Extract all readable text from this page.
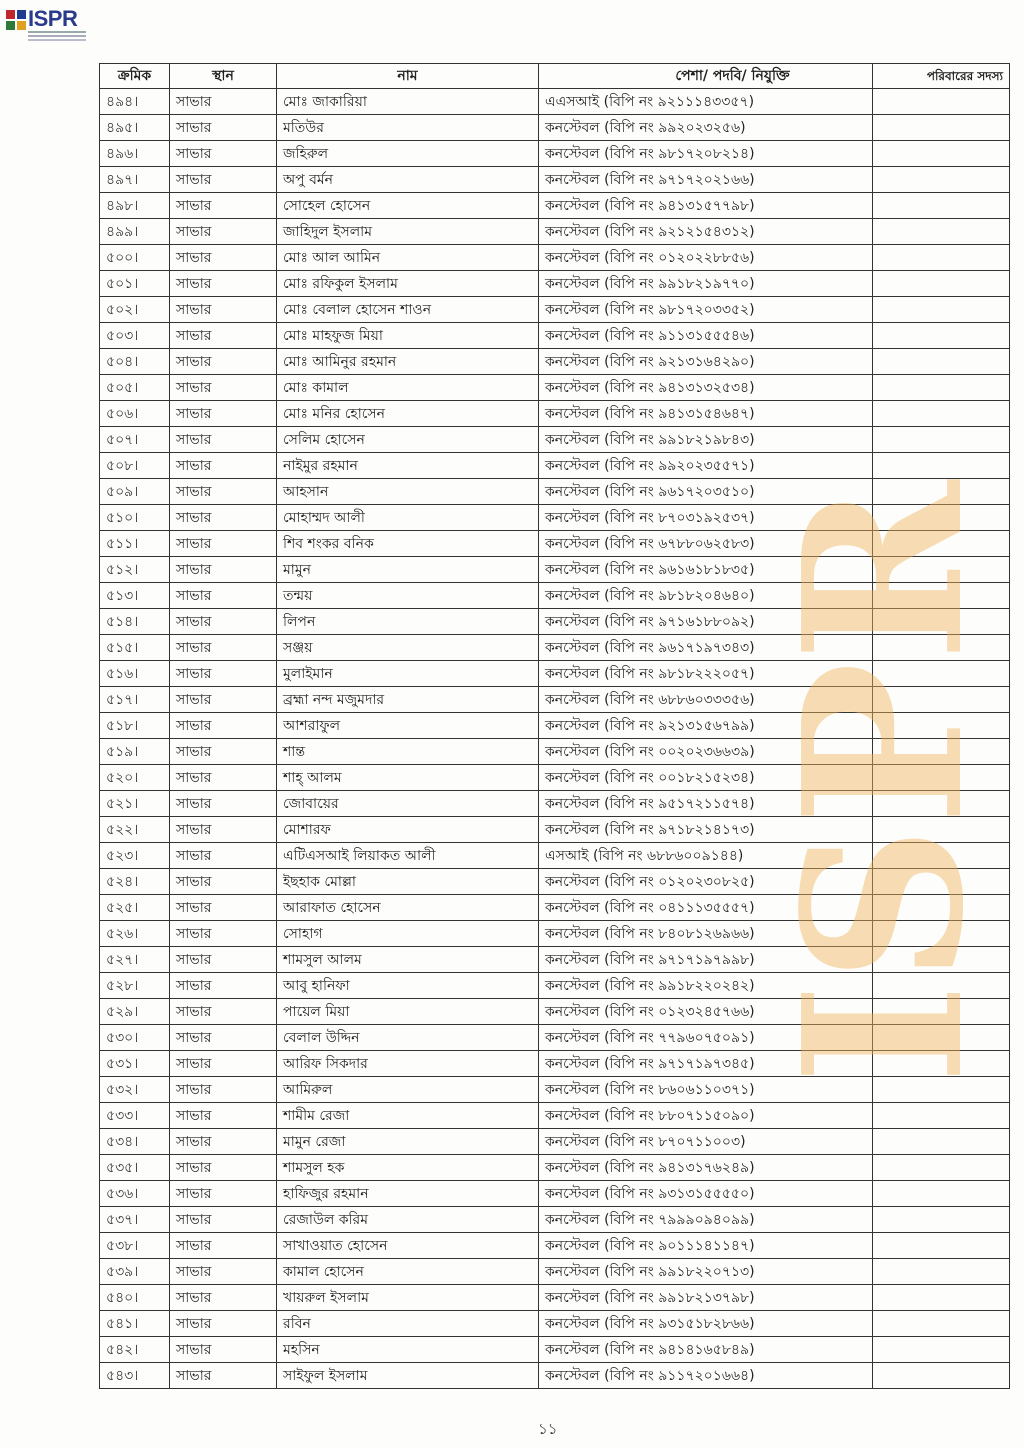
ISPR
ক্রমিক	স্থান	নাম	পেশা/ পদবি/ নিযুক্তি	পরিবারের সদস্য
৪৯৪।	সাভার	মোঃ জাকারিয়া	এএসআই (বিপি নং ৯২১১১৪৩৩৫৭)	
৪৯৫।	সাভার	মতিউর	কনস্টেবল (বিপি নং ৯৯২০২৩২৫৬)	
৪৯৬।	সাভার	জহিরুল	কনস্টেবল (বিপি নং ৯৮১৭২০৮২১৪)	
৪৯৭।	সাভার	অপু বর্মন	কনস্টেবল (বিপি নং ৯৭১৭২০২১৬৬)	
৪৯৮।	সাভার	সোহেল হোসেন	কনস্টেবল (বিপি নং ৯৪১৩১৫৭৭৯৮)	
৪৯৯।	সাভার	জাহিদুল ইসলাম	কনস্টেবল (বিপি নং ৯২১২১৫৪৩১২)	
৫০০।	সাভার	মোঃ আল আমিন	কনস্টেবল (বিপি নং ০১২০২২৮৮৫৬)	
৫০১।	সাভার	মোঃ রফিকুল ইসলাম	কনস্টেবল (বিপি নং ৯৯১৮২১৯৭৭০)	
৫০২।	সাভার	মোঃ বেলাল হোসেন শাওন	কনস্টেবল (বিপি নং ৯৮১৭২০৩৩৫২)	
৫০৩।	সাভার	মোঃ মাহফুজ মিয়া	কনস্টেবল (বিপি নং ৯১১৩১৫৫৫৪৬)	
৫০৪।	সাভার	মোঃ আমিনুর রহমান	কনস্টেবল (বিপি নং ৯২১৩১৬৪২৯০)	
৫০৫।	সাভার	মোঃ কামাল	কনস্টেবল (বিপি নং ৯৪১৩১৩২৫৩৪)	
৫০৬।	সাভার	মোঃ মনির হোসেন	কনস্টেবল (বিপি নং ৯৪১৩১৫৪৬৪৭)	
৫০৭।	সাভার	সেলিম হোসেন	কনস্টেবল (বিপি নং ৯৯১৮২১৯৮৪৩)	
৫০৮।	সাভার	নাইমুর রহমান	কনস্টেবল (বিপি নং ৯৯২০২৩৫৫৭১)	
৫০৯।	সাভার	আহসান	কনস্টেবল (বিপি নং ৯৬১৭২০৩৫১০)	
৫১০।	সাভার	মোহাম্মদ আলী	কনস্টেবল (বিপি নং ৮৭০৩১৯২৫৩৭)	
৫১১।	সাভার	শিব শংকর বনিক	কনস্টেবল (বিপি নং ৬৭৮৮০৬২৫৮৩)	
৫১২।	সাভার	মামুন	কনস্টেবল (বিপি নং ৯৬১৬১৮১৮৩৫)	
৫১৩।	সাভার	তন্ময়	কনস্টেবল (বিপি নং ৯৮১৮২০৪৬৪০)	
৫১৪।	সাভার	লিপন	কনস্টেবল (বিপি নং ৯৭১৬১৮৮০৯২)	
৫১৫।	সাভার	সঞ্জয়	কনস্টেবল (বিপি নং ৯৬১৭১৯৭৩৪৩)	
৫১৬।	সাভার	মুলাইমান	কনস্টেবল (বিপি নং ৯৮১৮২২২০৫৭)	
৫১৭।	সাভার	ব্রহ্মা নন্দ মজুমদার	কনস্টেবল (বিপি নং ৬৮৮৬০৩৩৩৫৬)	
৫১৮।	সাভার	আশরাফুল	কনস্টেবল (বিপি নং ৯২১৩১৫৬৭৯৯)	
৫১৯।	সাভার	শান্ত	কনস্টেবল (বিপি নং ০০২০২৩৬৬৩৯)	
৫২০।	সাভার	শাহ্ আলম	কনস্টেবল (বিপি নং ০০১৮২১৫২৩৪)	
৫২১।	সাভার	জোবায়ের	কনস্টেবল (বিপি নং ৯৫১৭২১১৫৭৪)	
৫২২।	সাভার	মোশারফ	কনস্টেবল (বিপি নং ৯৭১৮২১৪১৭৩)	
৫২৩।	সাভার	এটিএসআই লিয়াকত আলী	এসআই (বিপি নং ৬৮৮৬০০৯১৪৪)	
৫২৪।	সাভার	ইছহাক মোল্লা	কনস্টেবল (বিপি নং ০১২০২৩০৮২৫)	
৫২৫।	সাভার	আরাফাত হোসেন	কনস্টেবল (বিপি নং ০৪১১১৩৫৫৫৭)	
৫২৬।	সাভার	সোহাগ	কনস্টেবল (বিপি নং ৮৪০৮১২৬৯৬৬)	
৫২৭।	সাভার	শামসুল আলম	কনস্টেবল (বিপি নং ৯৭১৭১৯৭৯৯৮)	
৫২৮।	সাভার	আবু হানিফা	কনস্টেবল (বিপি নং ৯৯১৮২২০২৪২)	
৫২৯।	সাভার	পায়েল মিয়া	কনস্টেবল (বিপি নং ০১২৩২৪৫৭৬৬)	
৫৩০।	সাভার	বেলাল উদ্দিন	কনস্টেবল (বিপি নং ৭৭৯৬০৭৫০৯১)	
৫৩১।	সাভার	আরিফ সিকদার	কনস্টেবল (বিপি নং ৯৭১৭১৯৭৩৪৫)	
৫৩২।	সাভার	আমিরুল	কনস্টেবল (বিপি নং ৮৬০৬১১০৩৭১)	
৫৩৩।	সাভার	শামীম রেজা	কনস্টেবল (বিপি নং ৮৮০৭১১৫০৯০)	
৫৩৪।	সাভার	মামুন রেজা	কনস্টেবল (বিপি নং ৮৭০৭১১০০৩)	
৫৩৫।	সাভার	শামসুল হক	কনস্টেবল (বিপি নং ৯৪১৩১৭৬২৪৯)	
৫৩৬।	সাভার	হাফিজুর রহমান	কনস্টেবল (বিপি নং ৯৩১৩১৫৫৫৫০)	
৫৩৭।	সাভার	রেজাউল করিম	কনস্টেবল (বিপি নং ৭৯৯৯০৯৪০৯৯)	
৫৩৮।	সাভার	সাখাওয়াত হোসেন	কনস্টেবল (বিপি নং ৯০১১১৪১১৪৭)	
৫৩৯।	সাভার	কামাল হোসেন	কনস্টেবল (বিপি নং ৯৯১৮২২০৭১৩)	
৫৪০।	সাভার	খায়রুল ইসলাম	কনস্টেবল (বিপি নং ৯৯১৮২১৩৭৯৮)	
৫৪১।	সাভার	রবিন	কনস্টেবল (বিপি নং ৯৩১৫১৮২৮৬৬)	
৫৪২।	সাভার	মহসিন	কনস্টেবল (বিপি নং ৯৪১৪১৬৫৮৪৯)	
৫৪৩।	সাভার	সাইফুল ইসলাম	কনস্টেবল (বিপি নং ৯১১৭২০১৬৬৪)	
ISPR
১১
